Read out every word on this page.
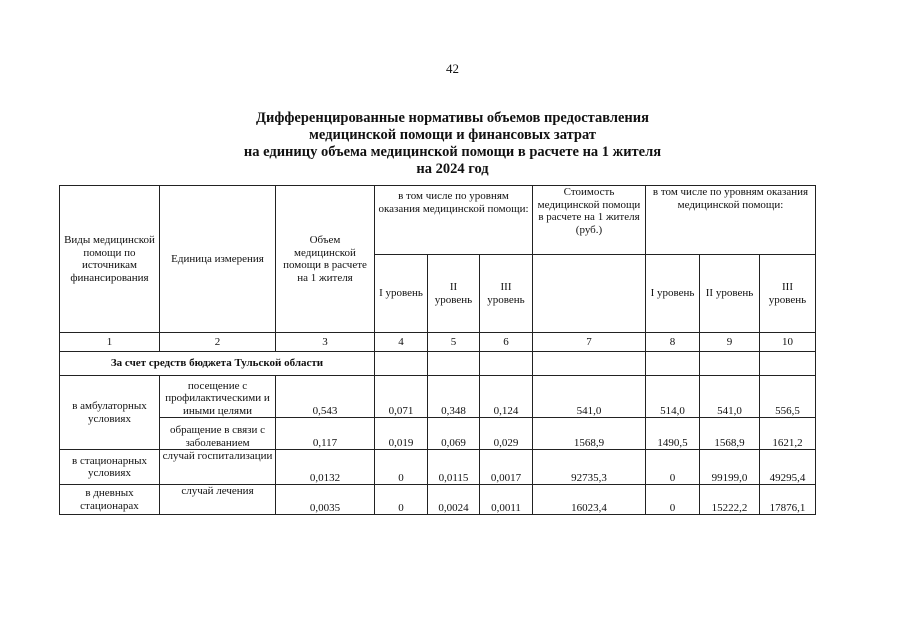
42
Дифференцированные нормативы объемов предоставления
медицинской помощи и финансовых затрат
на единицу объема медицинской помощи в расчете на 1 жителя
на 2024 год
Виды медицинской помощи по источникам финансирования	Единица измерения	Объем медицинской помощи в расчете на 1 жителя	в том числе по уровням оказания медицинской помощи:			Стоимость медицинской помощи в расчете на 1 жителя (руб.)	в том числе по уровням оказания медицинской помощи:		
			I уровень	II уровень	III уровень		I уровень	II уровень	III уровень
1	2	3	4	5	6	7	8	9	10
За счет средств бюджета Тульской области									
в амбулаторных условиях	посещение с профилактическими и иными целями	0,543	0,071	0,348	0,124	541,0	514,0	541,0	556,5
	обращение в связи с заболеванием	0,117	0,019	0,069	0,029	1568,9	1490,5	1568,9	1621,2
в стационарных условиях	случай госпитализации	0,0132	0	0,0115	0,0017	92735,3	0	99199,0	49295,4
в дневных стационарах	случай лечения	0,0035	0	0,0024	0,0011	16023,4	0	15222,2	17876,1
